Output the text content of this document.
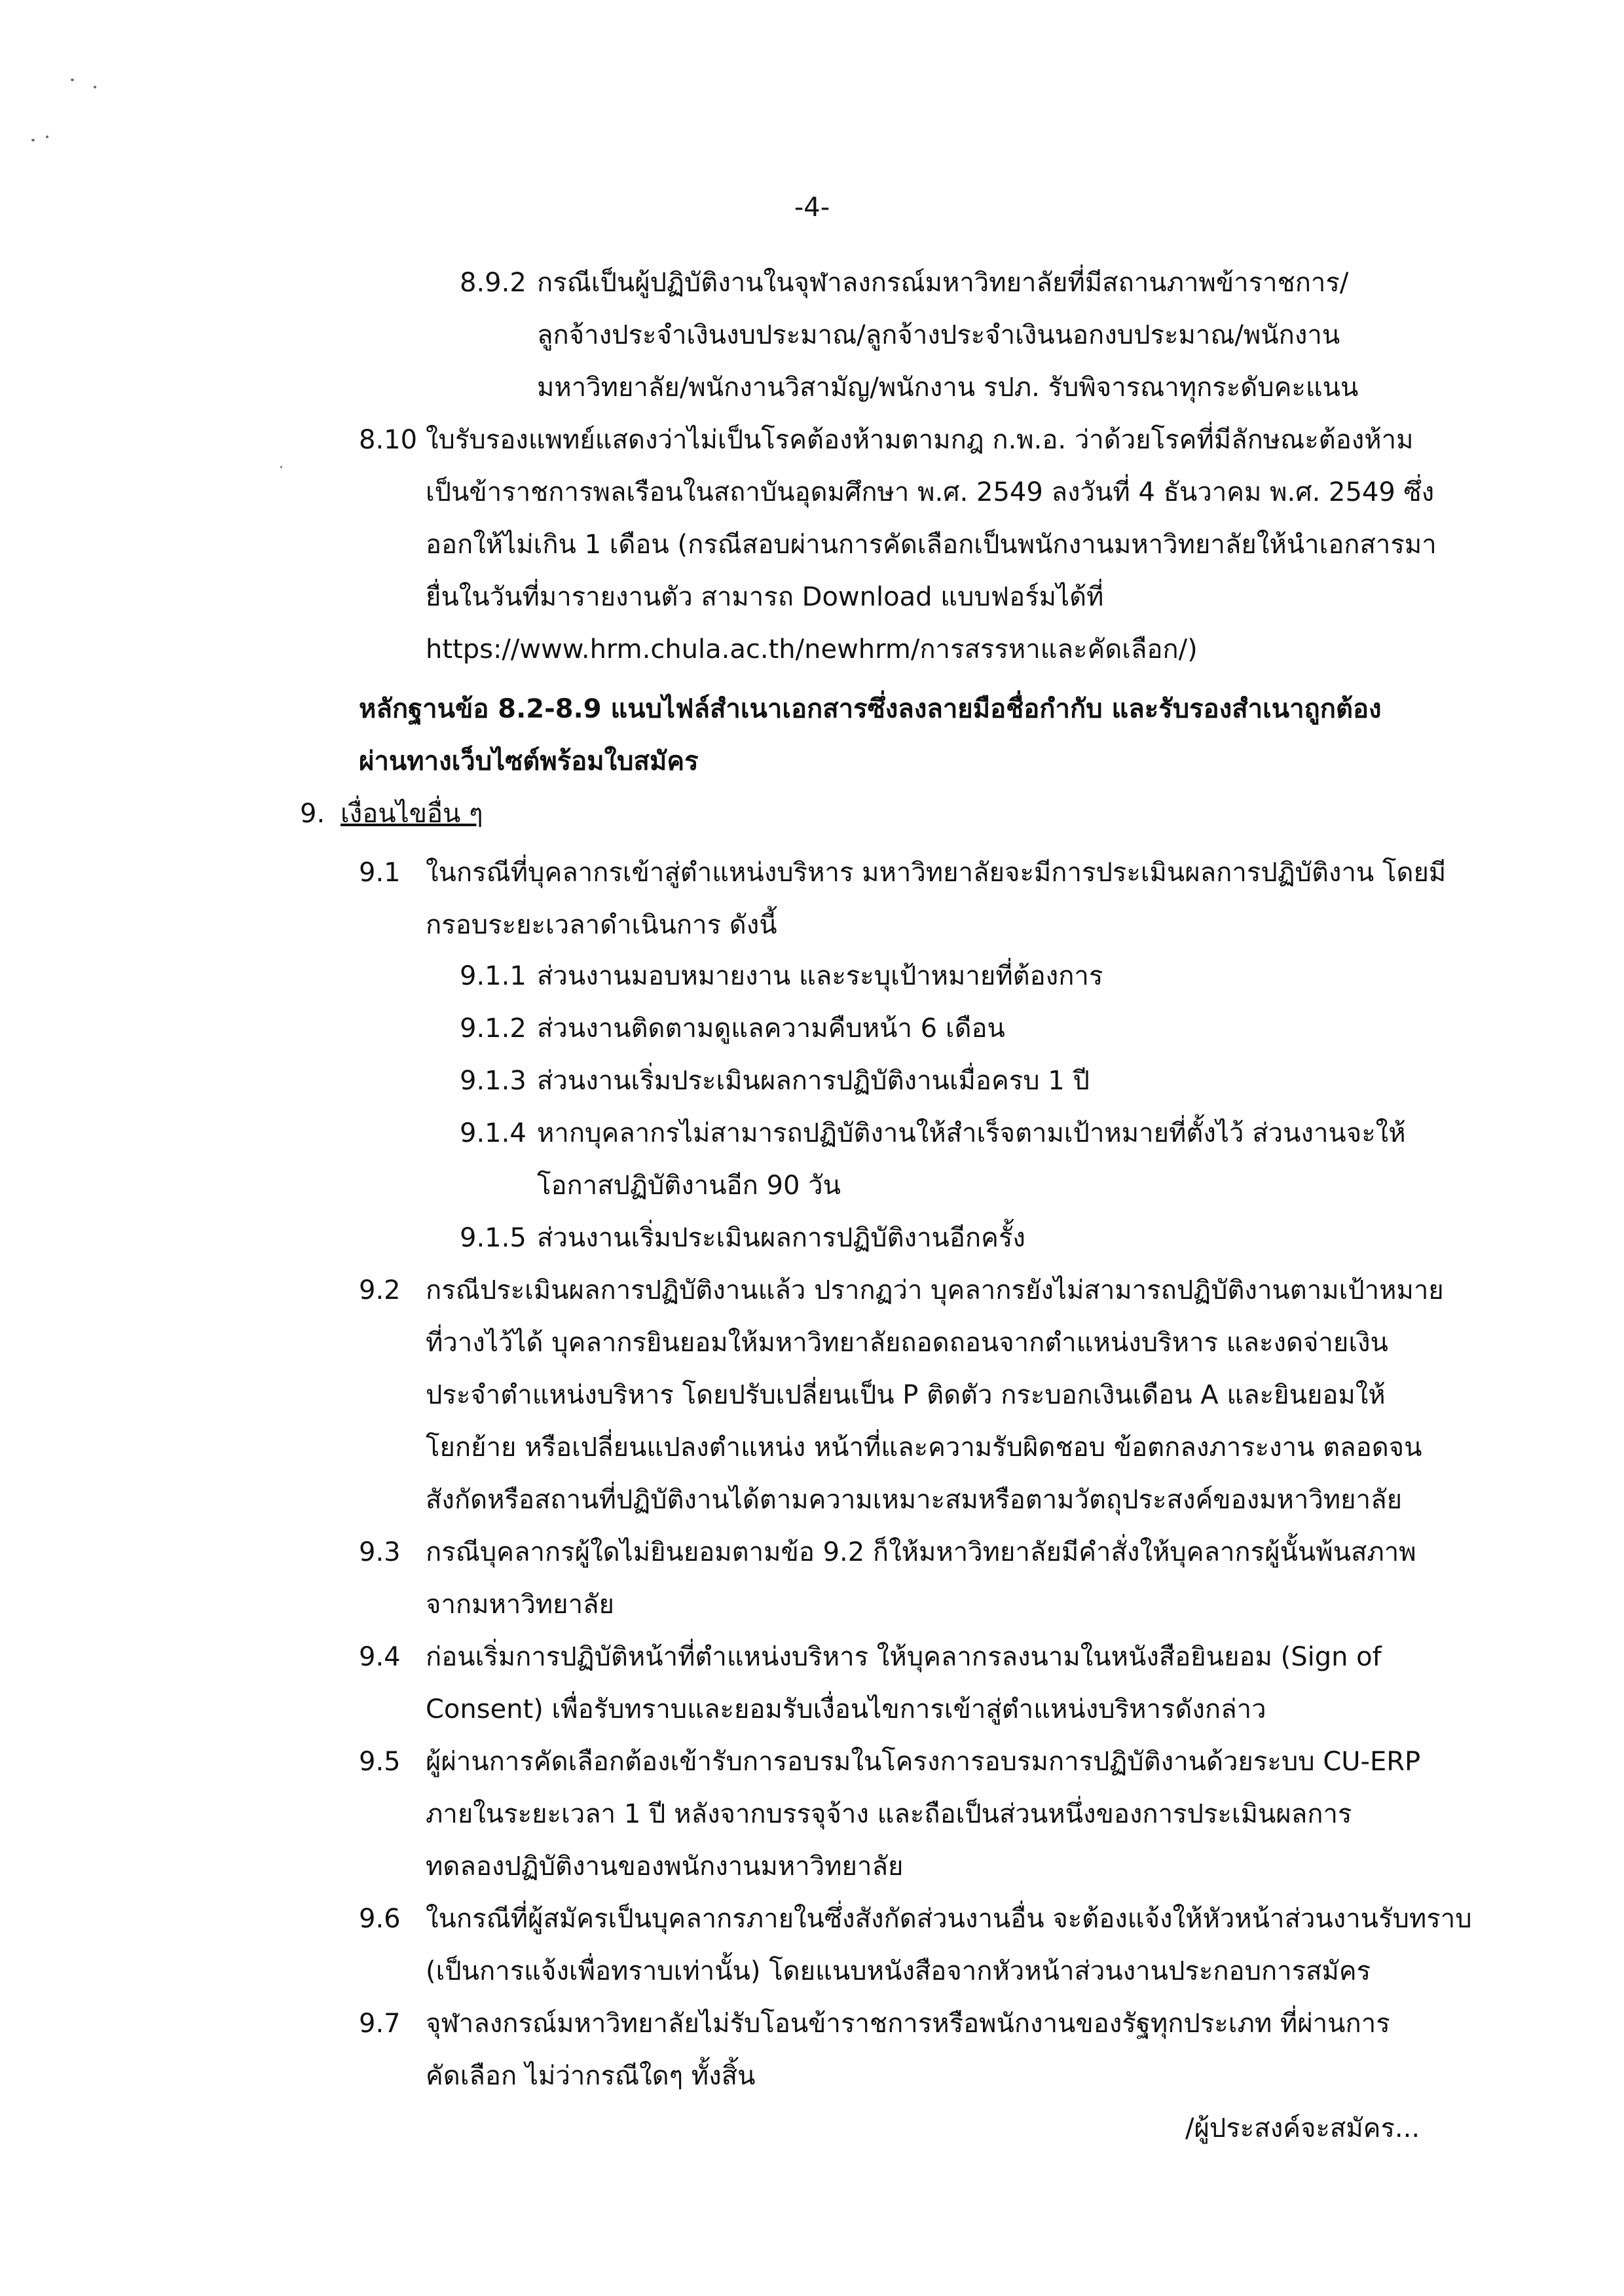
-4-
8.9.2 กรณีเป็นผู้ปฏิบัติงานในจุฬาลงกรณ์มหาวิทยาลัยที่มีสถานภาพข้าราชการ/
ลูกจ้างประจำเงินงบประมาณ/ลูกจ้างประจำเงินนอกงบประมาณ/พนักงาน
มหาวิทยาลัย/พนักงานวิสามัญ/พนักงาน รปภ. รับพิจารณาทุกระดับคะแนน
8.10 ใบรับรองแพทย์แสดงว่าไม่เป็นโรคต้องห้ามตามกฎ ก.พ.อ. ว่าด้วยโรคที่มีลักษณะต้องห้าม
เป็นข้าราชการพลเรือนในสถาบันอุดมศึกษา พ.ศ. 2549 ลงวันที่ 4 ธันวาคม พ.ศ. 2549 ซึ่ง
ออกให้ไม่เกิน 1 เดือน (กรณีสอบผ่านการคัดเลือกเป็นพนักงานมหาวิทยาลัยให้นำเอกสารมา
ยื่นในวันที่มารายงานตัว สามารถ Download แบบฟอร์มได้ที่
https://www.hrm.chula.ac.th/newhrm/การสรรหาและคัดเลือก/)
หลักฐานข้อ 8.2-8.9 แนบไฟล์สำเนาเอกสารซึ่งลงลายมือชื่อกำกับ และรับรองสำเนาถูกต้อง
ผ่านทางเว็บไซต์พร้อมใบสมัคร
9. เงื่อนไขอื่น ๆ
9.1 ในกรณีที่บุคลากรเข้าสู่ตำแหน่งบริหาร มหาวิทยาลัยจะมีการประเมินผลการปฏิบัติงาน โดยมี
กรอบระยะเวลาดำเนินการ ดังนี้
9.1.1 ส่วนงานมอบหมายงาน และระบุเป้าหมายที่ต้องการ
9.1.2 ส่วนงานติดตามดูแลความคืบหน้า 6 เดือน
9.1.3 ส่วนงานเริ่มประเมินผลการปฏิบัติงานเมื่อครบ 1 ปี
9.1.4 หากบุคลากรไม่สามารถปฏิบัติงานให้สำเร็จตามเป้าหมายที่ตั้งไว้ ส่วนงานจะให้
โอกาสปฏิบัติงานอีก 90 วัน
9.1.5 ส่วนงานเริ่มประเมินผลการปฏิบัติงานอีกครั้ง
9.2 กรณีประเมินผลการปฏิบัติงานแล้ว ปรากฏว่า บุคลากรยังไม่สามารถปฏิบัติงานตามเป้าหมาย
ที่วางไว้ได้ บุคลากรยินยอมให้มหาวิทยาลัยถอดถอนจากตำแหน่งบริหาร และงดจ่ายเงิน
ประจำตำแหน่งบริหาร โดยปรับเปลี่ยนเป็น P ติดตัว กระบอกเงินเดือน A และยินยอมให้
โยกย้าย หรือเปลี่ยนแปลงตำแหน่ง หน้าที่และความรับผิดชอบ ข้อตกลงภาระงาน ตลอดจน
สังกัดหรือสถานที่ปฏิบัติงานได้ตามความเหมาะสมหรือตามวัตถุประสงค์ของมหาวิทยาลัย
9.3 กรณีบุคลากรผู้ใดไม่ยินยอมตามข้อ 9.2 ก็ให้มหาวิทยาลัยมีคำสั่งให้บุคลากรผู้นั้นพ้นสภาพ
จากมหาวิทยาลัย
9.4 ก่อนเริ่มการปฏิบัติหน้าที่ตำแหน่งบริหาร ให้บุคลากรลงนามในหนังสือยินยอม (Sign of
Consent) เพื่อรับทราบและยอมรับเงื่อนไขการเข้าสู่ตำแหน่งบริหารดังกล่าว
9.5 ผู้ผ่านการคัดเลือกต้องเข้ารับการอบรมในโครงการอบรมการปฏิบัติงานด้วยระบบ CU-ERP
ภายในระยะเวลา 1 ปี หลังจากบรรจุจ้าง และถือเป็นส่วนหนึ่งของการประเมินผลการ
ทดลองปฏิบัติงานของพนักงานมหาวิทยาลัย
9.6 ในกรณีที่ผู้สมัครเป็นบุคลากรภายในซึ่งสังกัดส่วนงานอื่น จะต้องแจ้งให้หัวหน้าส่วนงานรับทราบ
(เป็นการแจ้งเพื่อทราบเท่านั้น) โดยแนบหนังสือจากหัวหน้าส่วนงานประกอบการสมัคร
9.7 จุฬาลงกรณ์มหาวิทยาลัยไม่รับโอนข้าราชการหรือพนักงานของรัฐทุกประเภท ที่ผ่านการ
คัดเลือก ไม่ว่ากรณีใดๆ ทั้งสิ้น
/ผู้ประสงค์จะสมัคร...
